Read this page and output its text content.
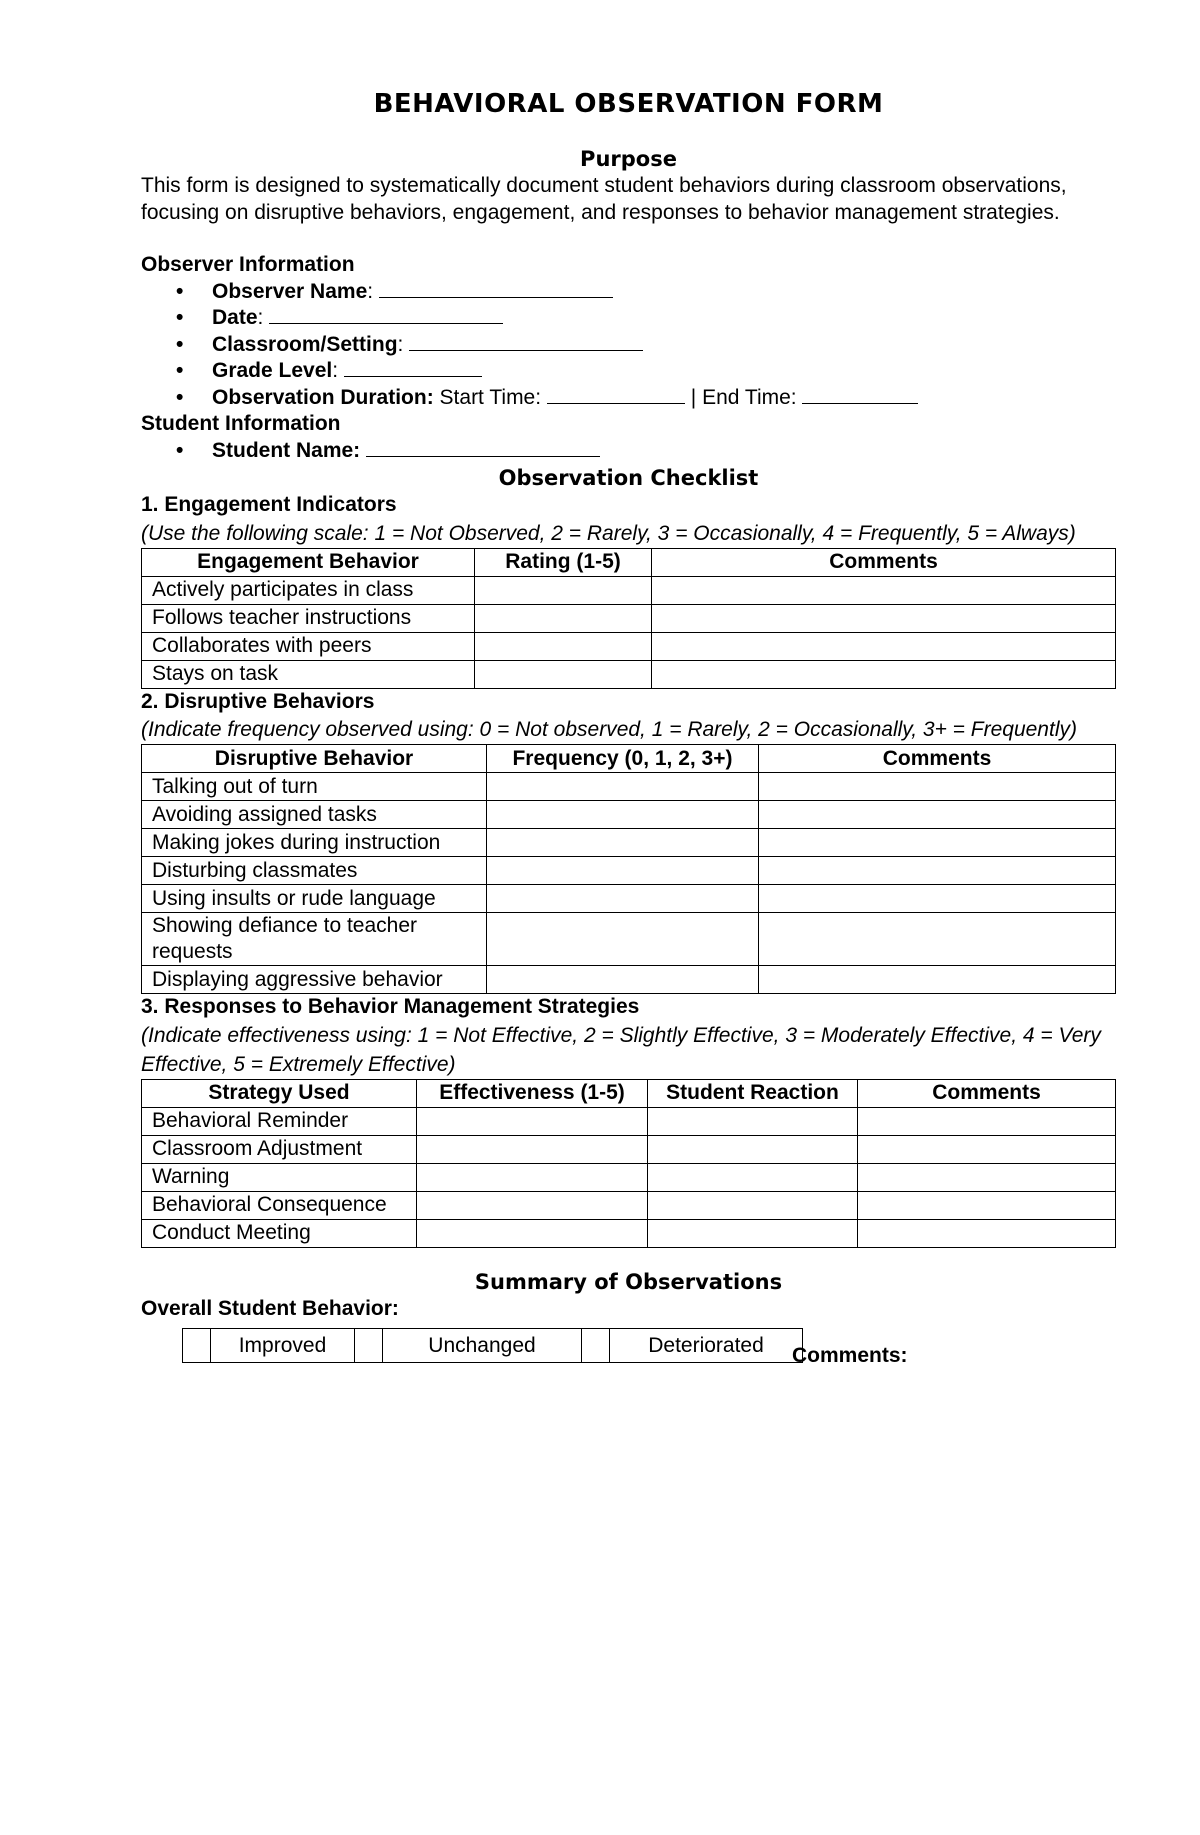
BEHAVIORAL OBSERVATION FORM
Purpose

This form is designed to systematically document student behaviors during classroom observations, focusing on disruptive behaviors, engagement, and responses to behavior management strategies.

Observer Information
• Observer Name:
• Date:
• Classroom/Setting:
• Grade Level:
• Observation Duration: Start Time:	| End Time:
Student Information
• Student Name:
Observation Checklist
1. Engagement Indicators

(Use the following scale: 1 = Not Observed, 2 = Rarely, 3 = Occasionally, 4 = Frequently, 5 = Always)

Engagement Behavior	Rating (1-5)	Comments
Actively participates in class		
Follows teacher instructions		
Collaborates with peers		
Stays on task		
2. Disruptive Behaviors

(Indicate frequency observed using: 0 = Not observed, 1 = Rarely, 2 = Occasionally, 3+ = Frequently)

Disruptive Behavior	Frequency (0, 1, 2, 3+)	Comments
Talking out of turn		
Avoiding assigned tasks		
Making jokes during instruction		
Disturbing classmates		
Using insults or rude language		
Showing defiance to teacher requests		
Displaying aggressive behavior		
3. Responses to Behavior Management Strategies

(Indicate effectiveness using: 1 = Not Effective, 2 = Slightly Effective, 3 = Moderately Effective, 4 = Very Effective, 5 = Extremely Effective)

Strategy Used	Effectiveness (1-5)	Student Reaction	Comments
Behavioral Reminder			
Classroom Adjustment			
Warning			
Behavioral Consequence			
Conduct Meeting			
Summary of Observations
Overall Student Behavior:
	Improved		Unchanged		Deteriorated Comments:
